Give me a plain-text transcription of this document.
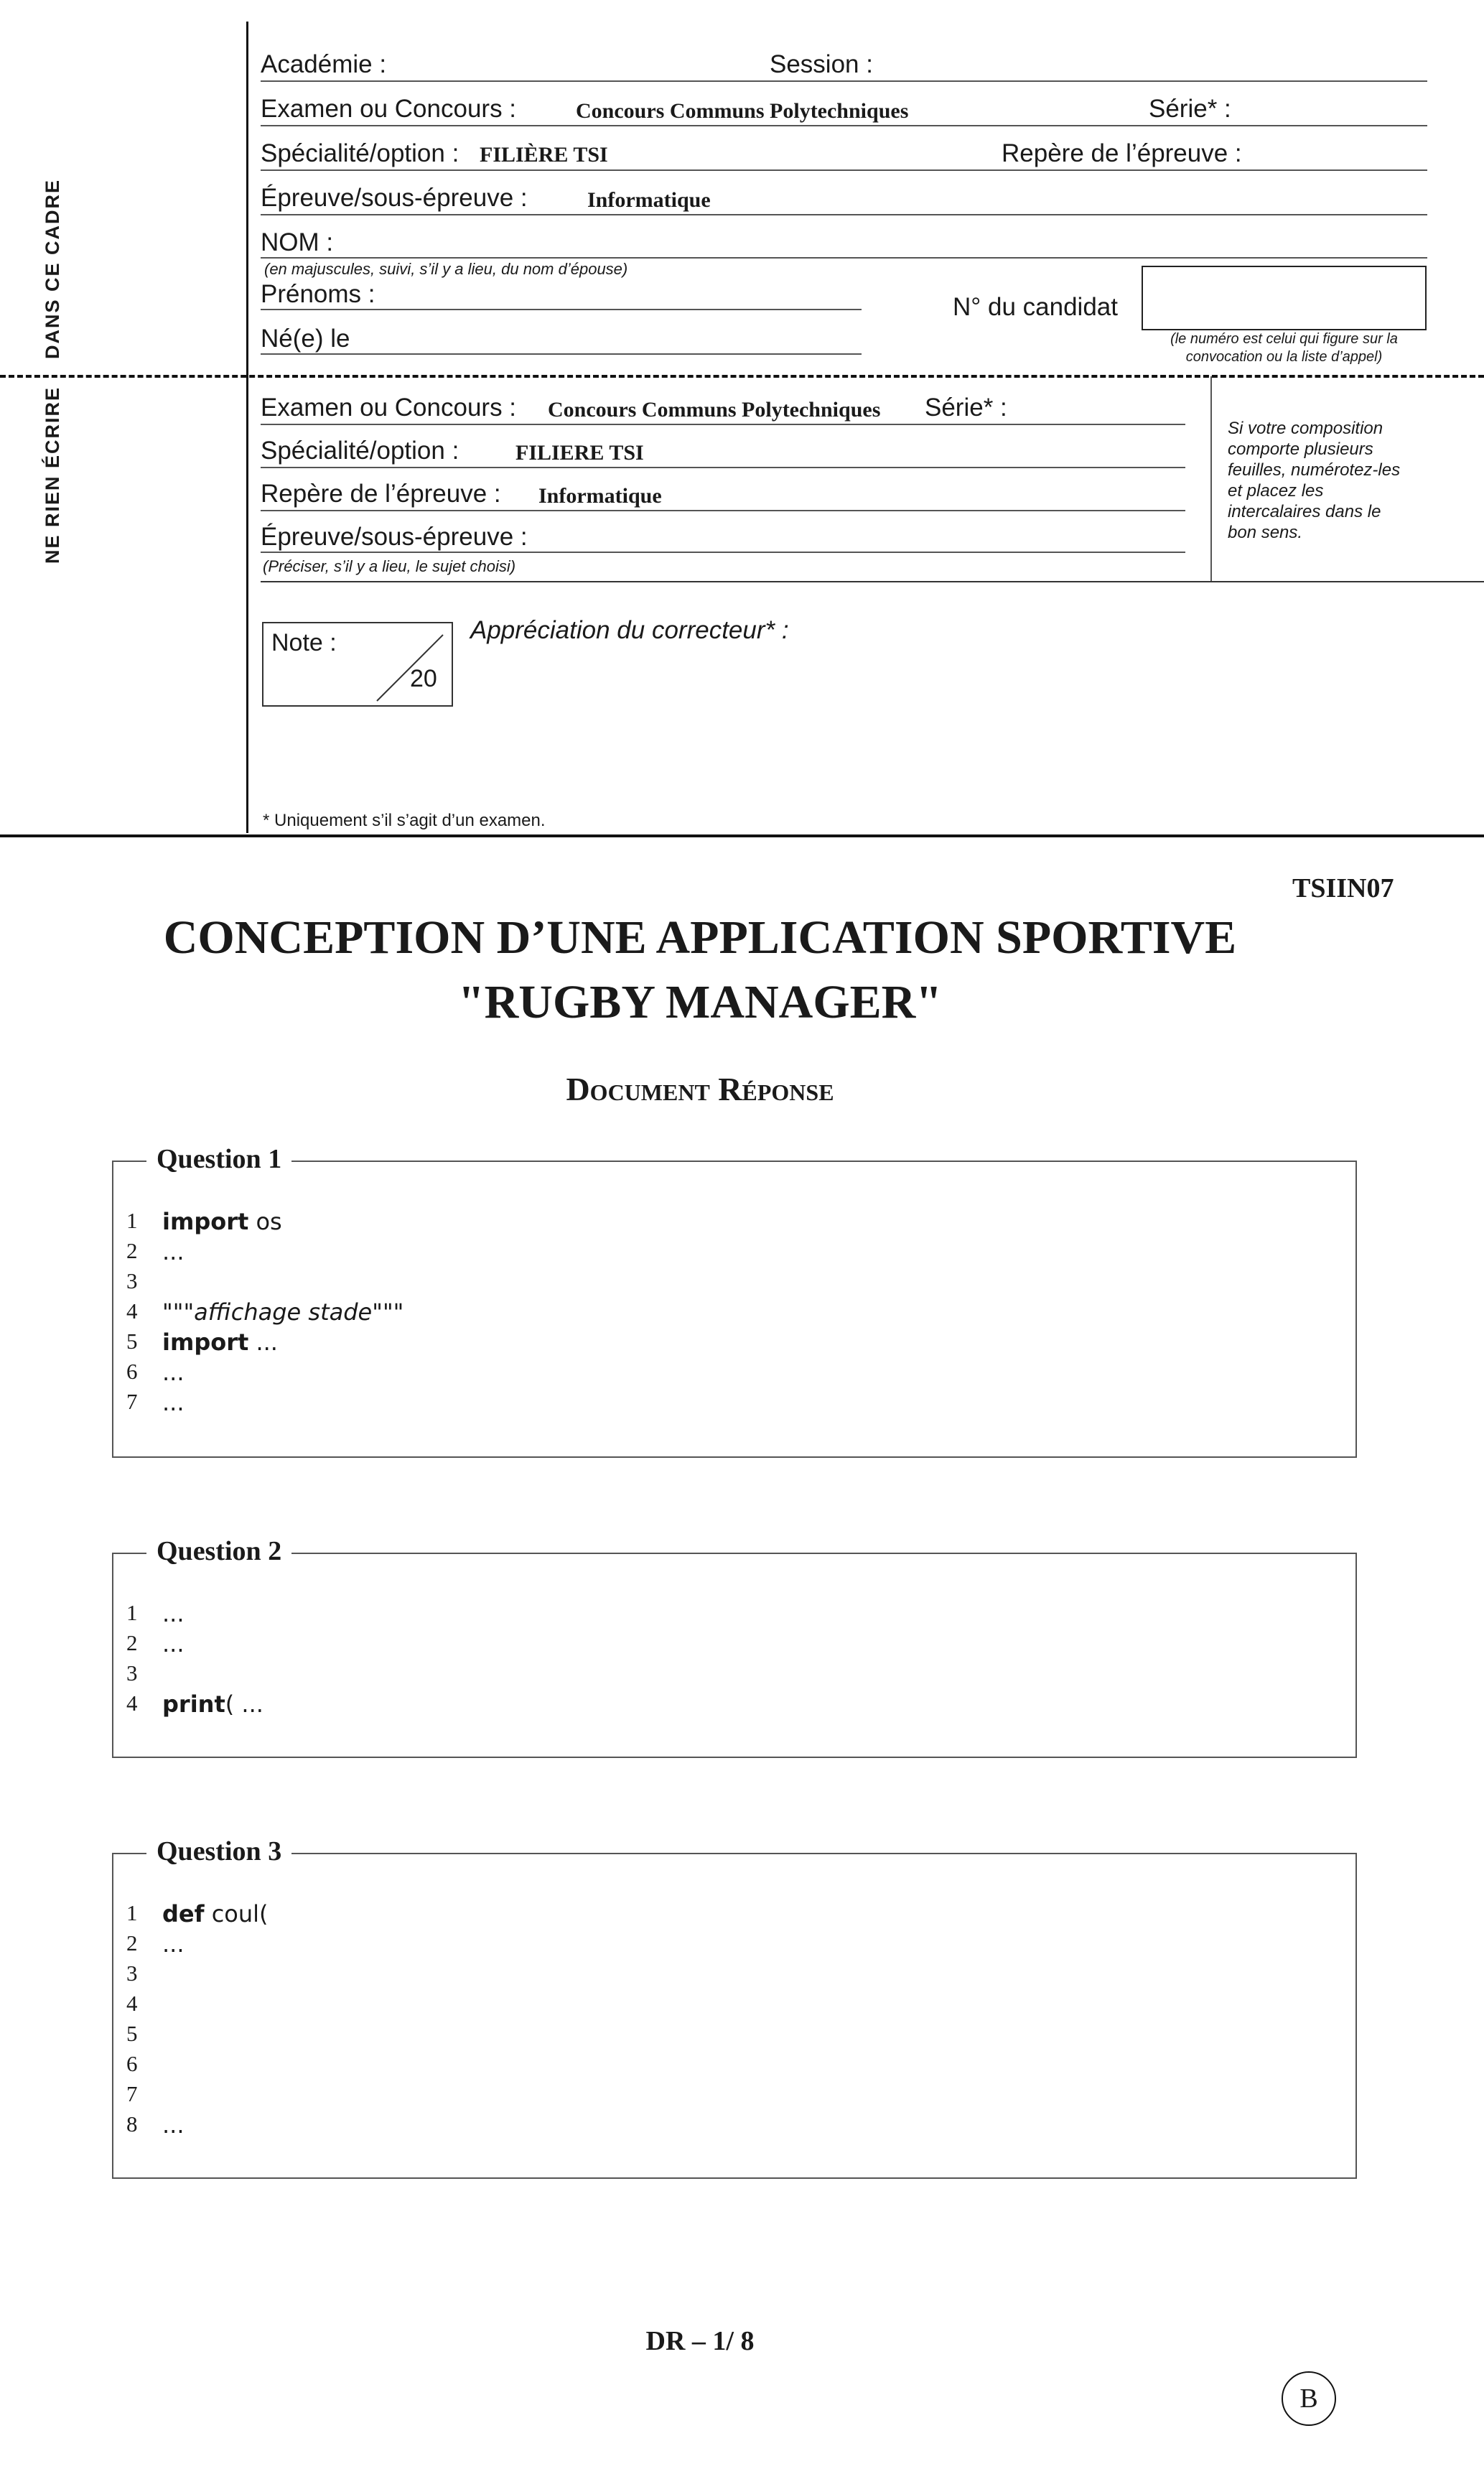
DANS CE CADRE
NE RIEN ÉCRIRE
Académie :	Session :
Examen ou Concours :	Concours Communs Polytechniques	Série* :
Spécialité/option : FILIÈRE TSI	Repère de l’épreuve :
Épreuve/sous-épreuve :	Informatique
NOM :
(en majuscules, suivi, s’il y a lieu, du nom d’épouse)
Prénoms :
Né(e) le
N° du candidat
(le numéro est celui qui figure sur la
convocation ou la liste d’appel)
Examen ou Concours : Concours Communs Polytechniques Série* :
Spécialité/option :	FILIERE TSI
Repère de l’épreuve : Informatique
Épreuve/sous-épreuve :
(Préciser, s’il y a lieu, le sujet choisi)
Si votre composition
comporte plusieurs
feuilles, numérotez-les
et placez les
intercalaires dans le
bon sens.
Note :
20
Appréciation du correcteur* :
* Uniquement s’il s’agit d’un examen.
TSIIN07
CONCEPTION D’UNE APPLICATION SPORTIVE
"RUGBY MANAGER"
Document Réponse
Question 1
1	import os
2	...
3
4	"""affichage stade"""
5	import ...
6	...
7	...
Question 2
1	...
2	...
3
4	print( ...
Question 3
1	def coul(
2	...
3
4
5
6
7
8	...
DR – 1/ 8
B
